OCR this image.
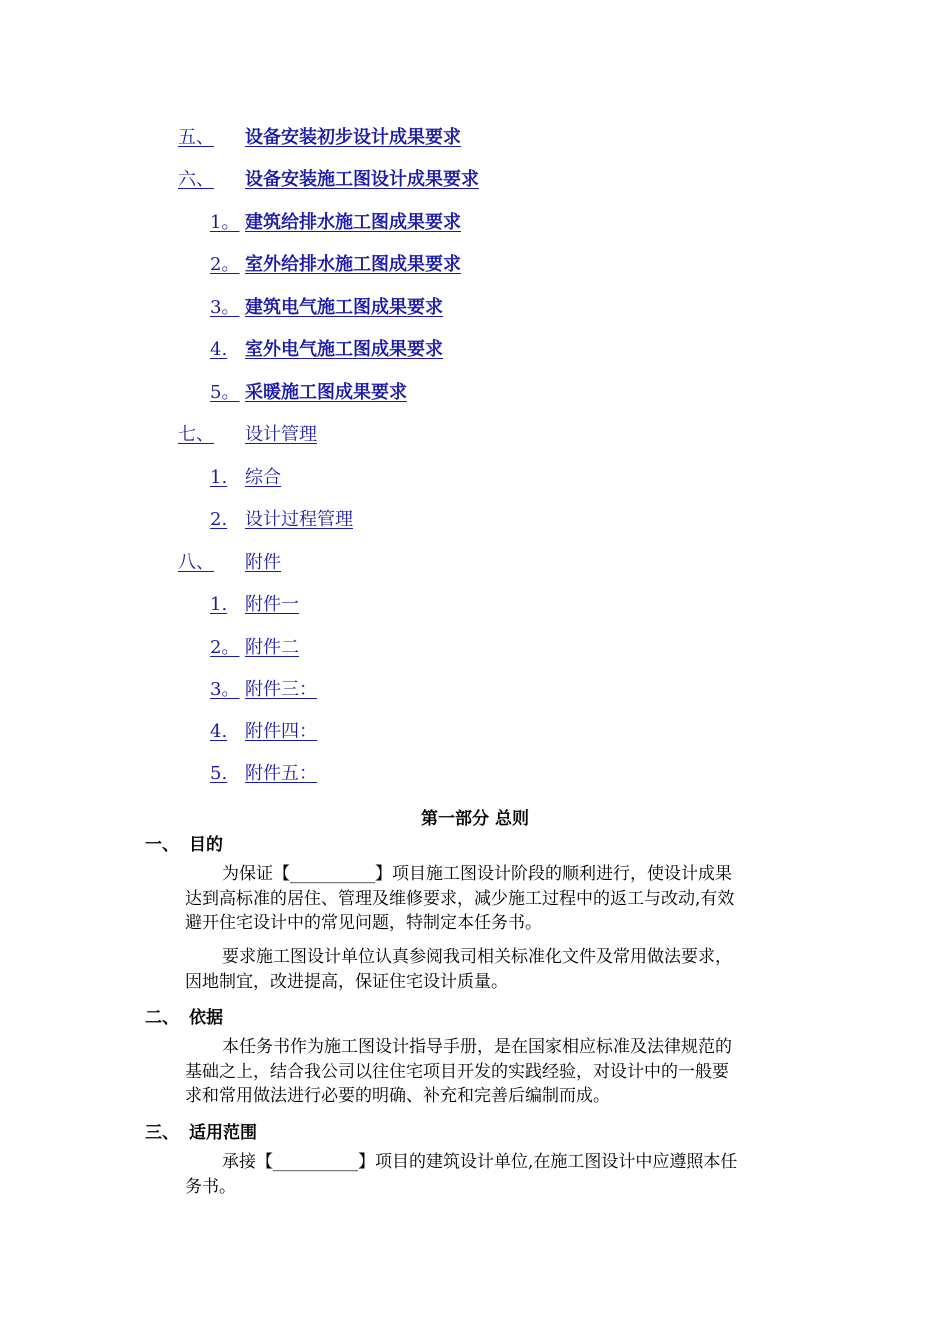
五、 设备安装初步设计成果要求
六、 设备安装施工图设计成果要求
1。 建筑给排水施工图成果要求
2。 室外给排水施工图成果要求
3。 建筑电气施工图成果要求
4. 室外电气施工图成果要求
5。 采暖施工图成果要求
七、 设计管理
1. 综合
2. 设计过程管理
八、 附件
1. 附件一
2。 附件二
3。 附件三：
4. 附件四：
5. 附件五：
第一部分 总则
一、 目的
为保证【__________】项目施工图设计阶段的顺利进行，使设计成果
达到高标准的居住、管理及维修要求，减少施工过程中的返工与改动,有效
避开住宅设计中的常见问题，特制定本任务书。
要求施工图设计单位认真参阅我司相关标准化文件及常用做法要求，
因地制宜，改进提高，保证住宅设计质量。
二、 依据
本任务书作为施工图设计指导手册，是在国家相应标准及法律规范的
基础之上，结合我公司以往住宅项目开发的实践经验，对设计中的一般要
求和常用做法进行必要的明确、补充和完善后编制而成。
三、 适用范围
承接【__________】项目的建筑设计单位,在施工图设计中应遵照本任
务书。
